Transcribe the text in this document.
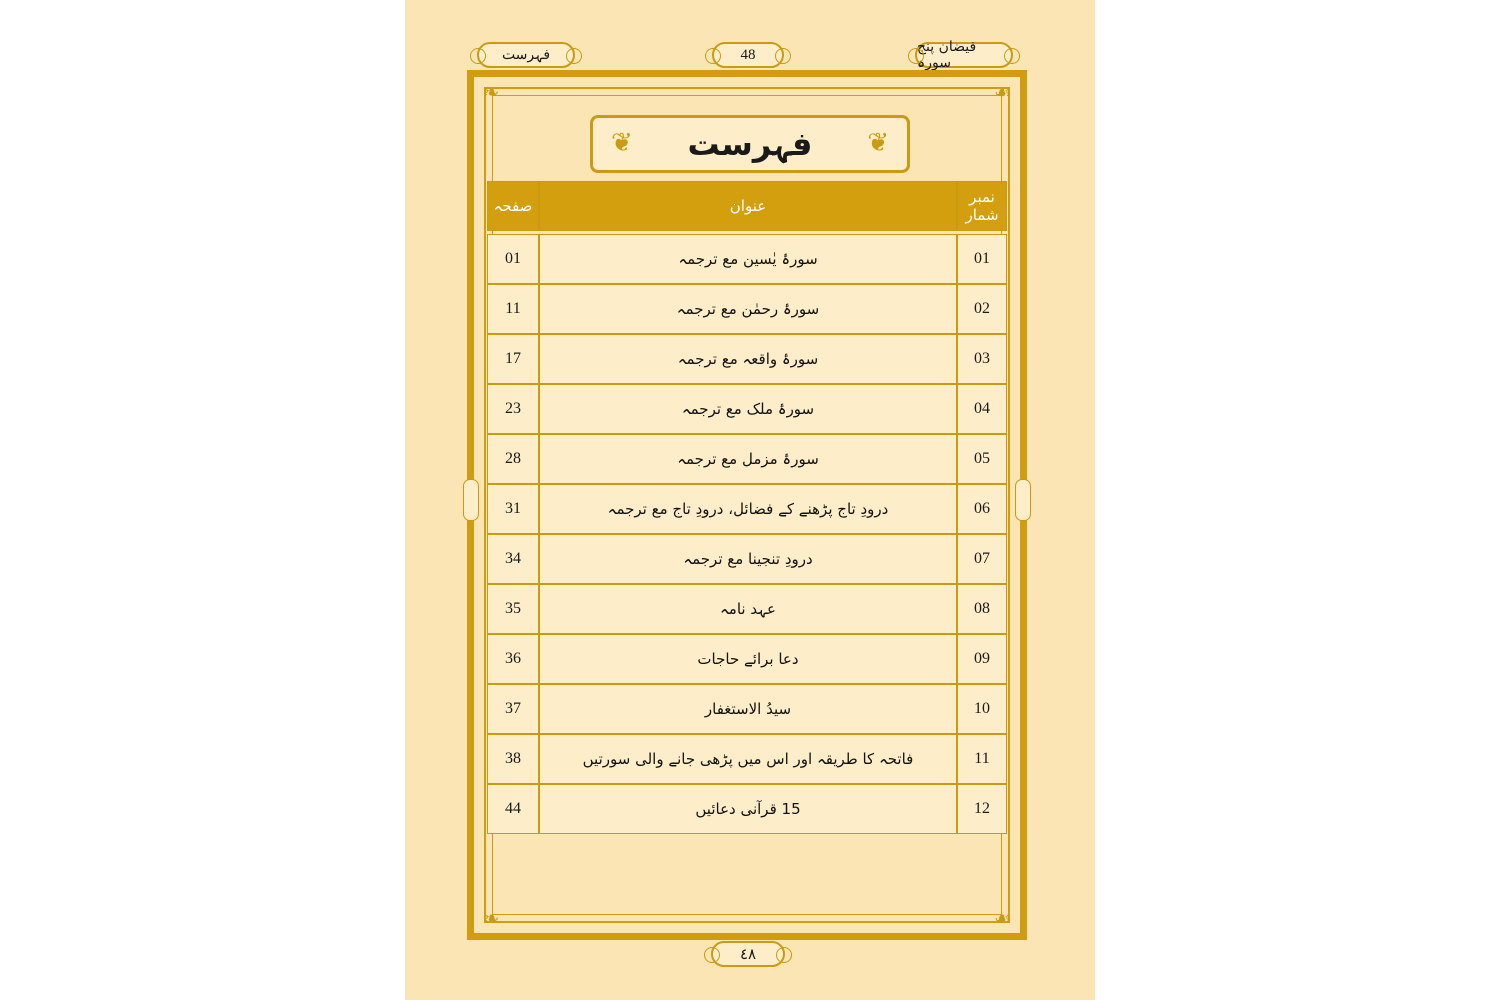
فہرست	48	فیضان پنج سورہ
❧	☙
❧	☙
❦ فہرست
❦
صفحہ	عنوان	نمبر شمار

01	سورۂ یٰسین مع ترجمہ	01
11	سورۂ رحمٰن مع ترجمہ	02
17	سورۂ واقعہ مع ترجمہ	03
23	سورۂ ملک مع ترجمہ	04
28	سورۂ مزمل مع ترجمہ	05
31	درودِ تاج پڑھنے کے فضائل، درودِ تاج مع ترجمہ	06
34	درودِ تنجینا مع ترجمہ	07
35	عہد نامہ	08
36	دعا برائے حاجات	09
37	سیدُ الاستغفار	10
38	فاتحہ کا طریقہ اور اس میں پڑھی جانے والی سورتیں	11
44	15 قرآنی دعائیں	12
٤٨
